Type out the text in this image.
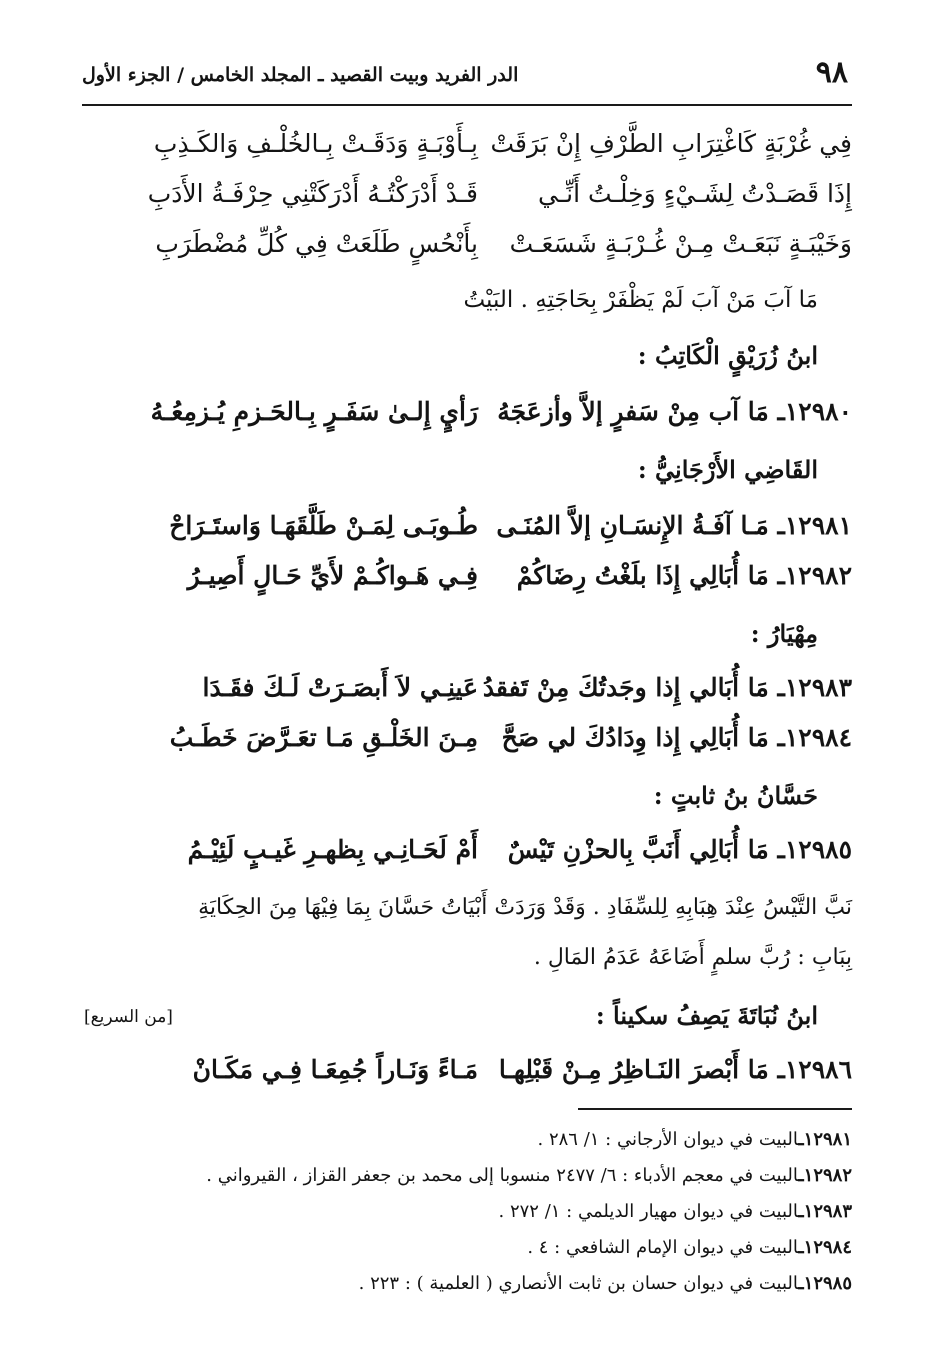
٩٨
الدر الفريد وبيت القصيد ـ المجلد الخامس / الجزء الأول
فِي غُرْبَةٍ كَاغْتِرَابِ الطَّرْفِ إِنْ بَرَقَتْ
بِـأَوْبَـةٍ وَدَقَـتْ بِـالخُلْـفِ وَالكَـذِبِ
إِذَا قَصَـدْتُ لِشَـيْءٍ وَخِلْـتُ أَنِّـي
قَـدْ أَدْرَكْتُـهُ أَدْرَكَتْنِي حِرْفَـةُ الأَدَبِ
وَخَيْبَـةٍ نَبَعَـتْ مِـنْ غُـرْبَـةٍ شَسَعَـتْ
بِأَنْحُسٍ طَلَعَتْ فِي كُلِّ مُضْطَرَبِ
مَا آبَ مَنْ آبَ لَمْ يَظْفَرْ بِحَاجَتِهِ . البَيْتُ
ابنُ زُرَيْقٍ الْكَاتِبُ :
١٢٩٨٠ـ مَا آب مِنْ سَفرٍ إلاَّ وأزعَجَهُ
رَأيٍ إِلـىٰ سَفَـرٍ بِـالحَـزمِ يُـزمِعُـهُ
القَاضِي الأَرْجَانِيُّ :
١٢٩٨١ـ مَـا آفَـةُ الإِنسَـانِ إلاَّ المُنَـى
طُـوبَـى لِمَـنْ طَلَّقَهَـا وَاستَـرَاحْ
١٢٩٨٢ـ مَا أُبَالِي إِذَا بلَغْتُ رِضَاكُمْ
فِـي هَـواكُـمْ لأَيِّ حَـالٍ أَصِيـرُ
مِهْيَارُ :
١٢٩٨٣ـ مَا أُبَالي إِذا وجَدتُكَ مِنْ تَفقدُ
عَينِـي لاَ أَبصَـرَتْ لَـكَ فقَـدَا
١٢٩٨٤ـ مَا أُبَالِي إِذا وِدَادُكَ لي صَحَّ
مِـنَ الخَلْـقِ مَـا تعَـرَّضَ خَطَـبُ
حَسَّانُ بنُ ثابتٍ :
١٢٩٨٥ـ مَا أُبَالِي أَنَبَّ بِالحزْنِ تَيْسٌ
أَمْ لَحَـانِـي بِظهـرِ غَيـبٍ لَئِيْـمُ
نَبَّ التَّيْسُ عِنْدَ هِبَابِهِ لِلسِّفَادِ . وَقَدْ وَرَدَتْ أَبْيَاتُ حَسَّانَ بِمَا فِيْهَا مِنَ الحِكَايَةِ
بِبَابِ : رُبَّ سلمٍ أَضَاعَهُ عَدَمُ المَالِ .
ابنُ نُبَاتَةَ يَصِفُ سكيناً :
[من السريع]
١٢٩٨٦ـ مَا أَبْصرَ النَـاظِرُ مِـنْ قَبْلِهـا
مَـاءً وَنَـاراً جُمِعَـا فِـي مَكَـانْ
١٢٩٨١ـالبيت في ديوان الأرجاني : ١/ ٢٨٦ .
١٢٩٨٢ـالبيت في معجم الأدباء : ٦/ ٢٤٧٧ منسوبا إلى محمد بن جعفر القزاز ، القيرواني .
١٢٩٨٣ـالبيت في ديوان مهيار الديلمي : ١/ ٢٧٢ .
١٢٩٨٤ـالبيت في ديوان الإمام الشافعي : ٤ .
١٢٩٨٥ـالبيت في ديوان حسان بن ثابت الأنصاري ( العلمية ) : ٢٢٣ .
